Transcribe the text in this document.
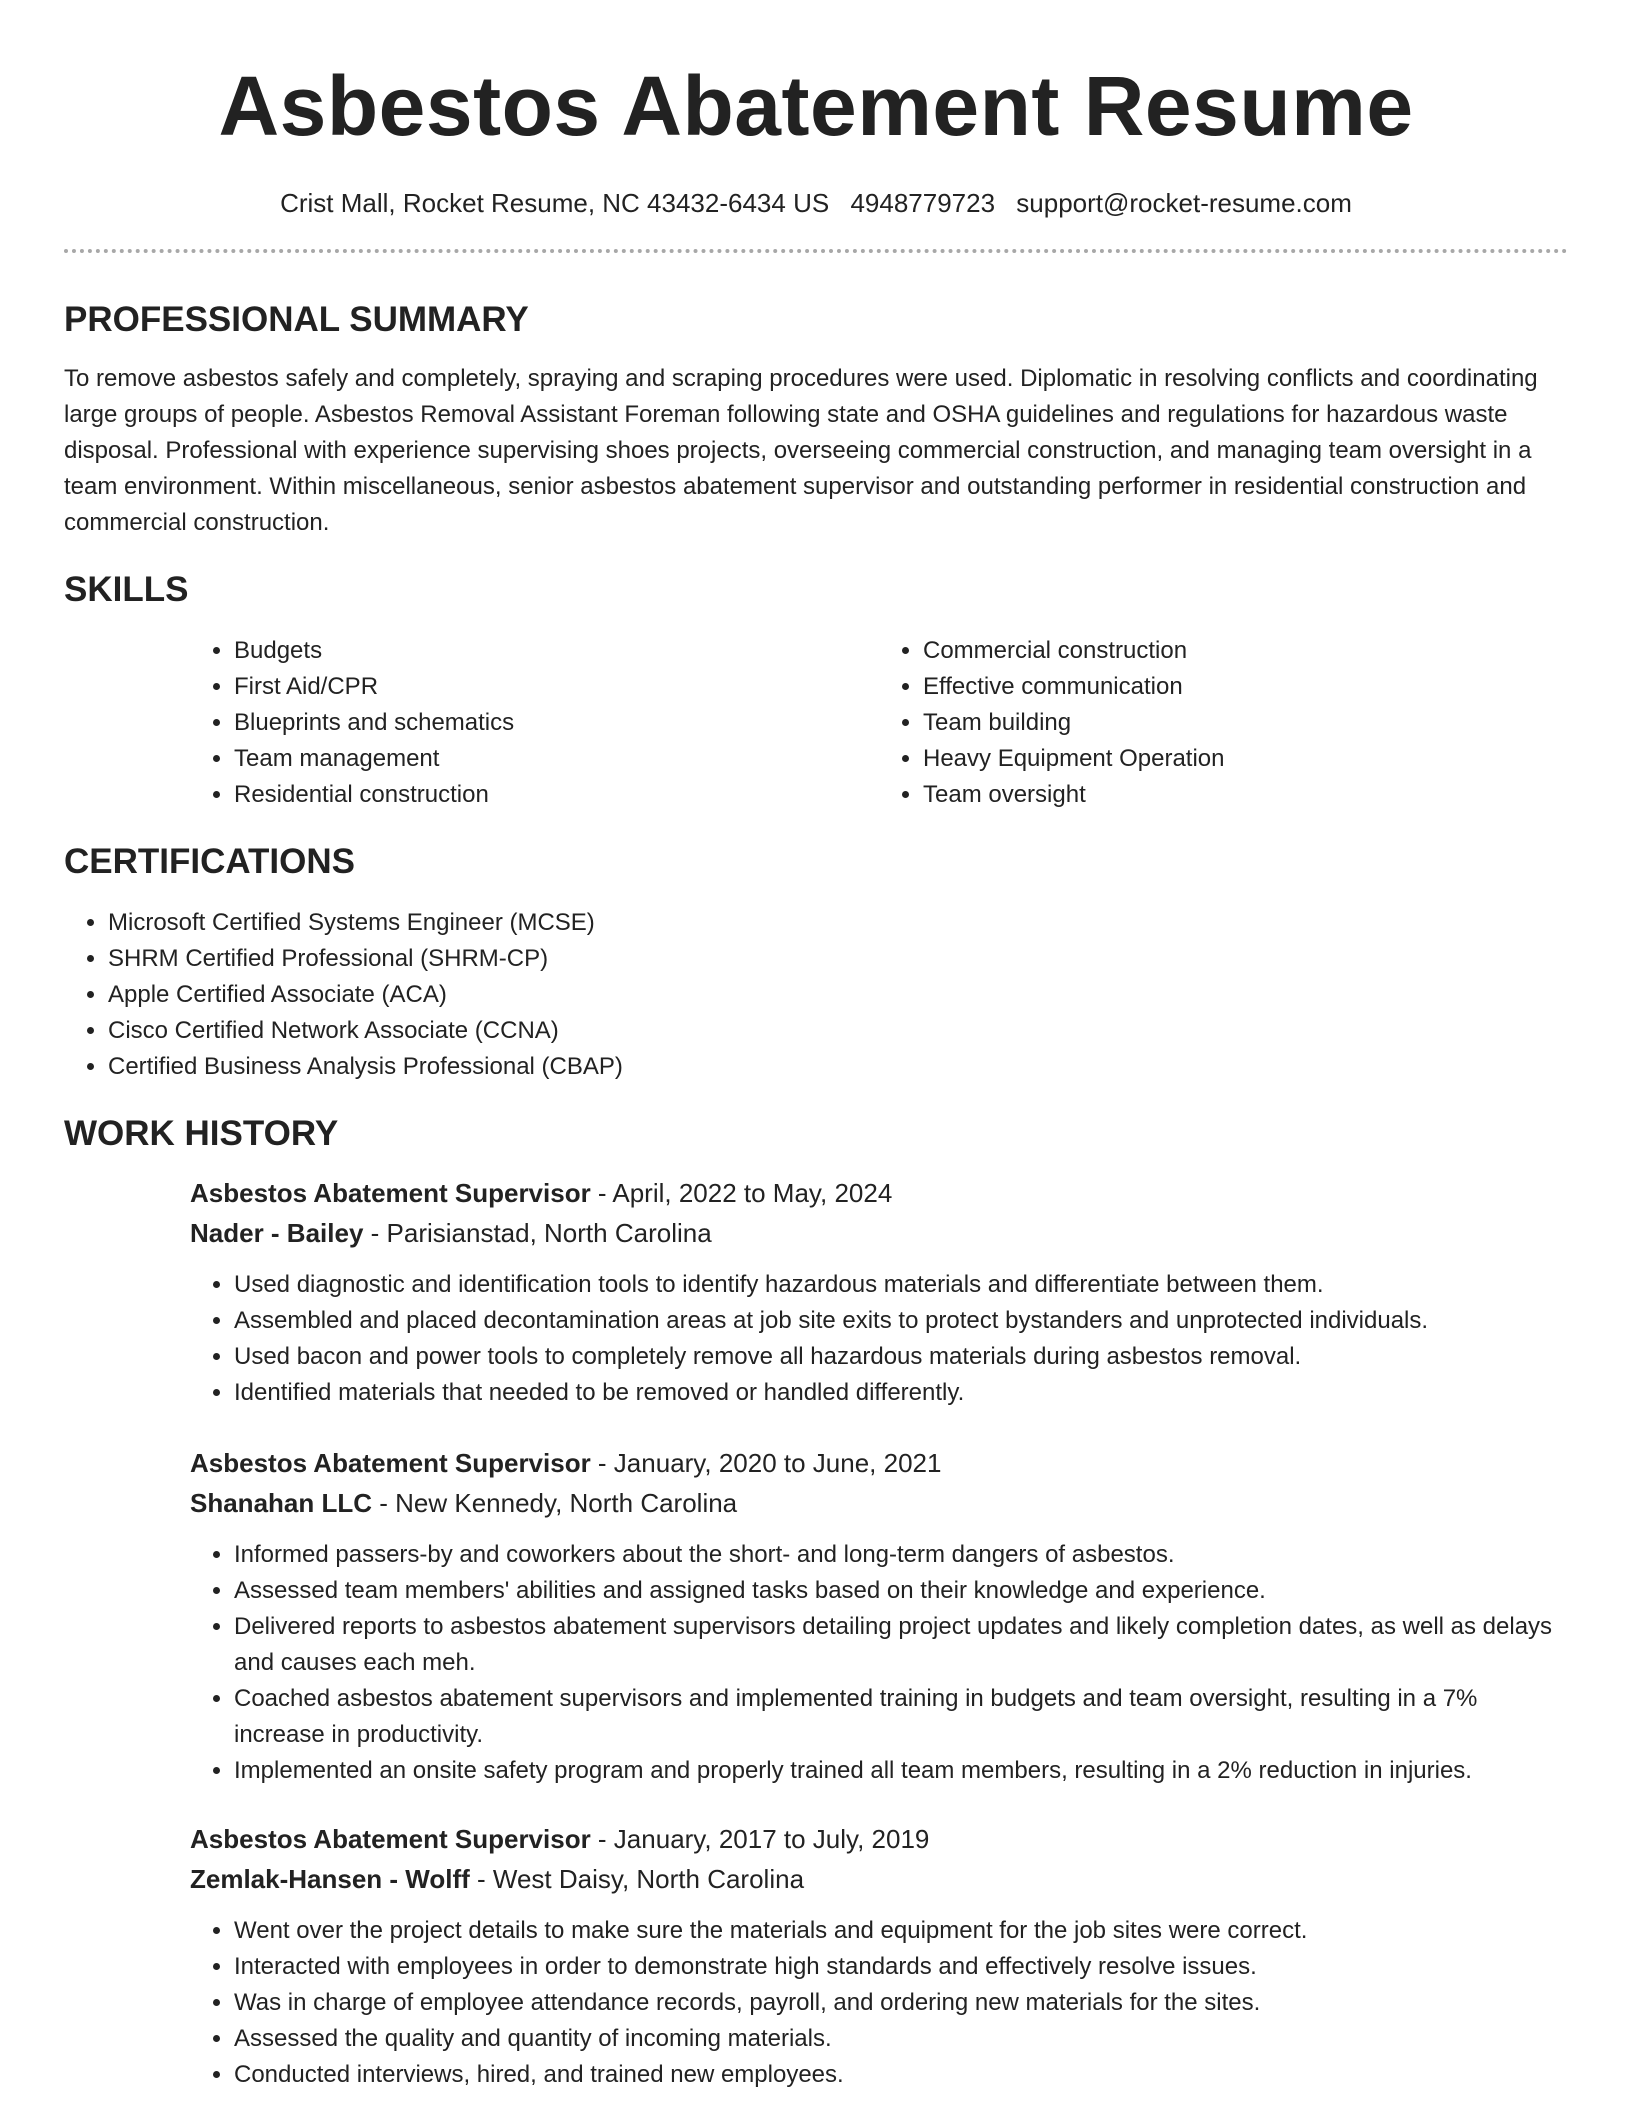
Asbestos Abatement Resume
Crist Mall, Rocket Resume, NC 43432-6434 US 4948779723 support@rocket-resume.com
PROFESSIONAL SUMMARY

To remove asbestos safely and completely, spraying and scraping procedures were used. Diplomatic in resolving conflicts and coordinating large groups of people. Asbestos Removal Assistant Foreman following state and OSHA guidelines and regulations for hazardous waste disposal. Professional with experience supervising shoes projects, overseeing commercial construction, and managing team oversight in a team environment. Within miscellaneous, senior asbestos abatement supervisor and outstanding performer in residential construction and commercial construction.

SKILLS
• Budgets
• First Aid/CPR
• Blueprints and schematics
• Team management
• Residential construction
• Commercial construction
• Effective communication
• Team building
• Heavy Equipment Operation
• Team oversight
CERTIFICATIONS
• Microsoft Certified Systems Engineer (MCSE)
• SHRM Certified Professional (SHRM-CP)
• Apple Certified Associate (ACA)
• Cisco Certified Network Associate (CCNA)
• Certified Business Analysis Professional (CBAP)
WORK HISTORY
Asbestos Abatement Supervisor - April, 2022 to May, 2024
Nader - Bailey - Parisianstad, North Carolina
• Used diagnostic and identification tools to identify hazardous materials and differentiate between them.
• Assembled and placed decontamination areas at job site exits to protect bystanders and unprotected individuals.
• Used bacon and power tools to completely remove all hazardous materials during asbestos removal.
• Identified materials that needed to be removed or handled differently.
Asbestos Abatement Supervisor - January, 2020 to June, 2021
Shanahan LLC - New Kennedy, North Carolina
• Informed passers-by and coworkers about the short- and long-term dangers of asbestos.
• Assessed team members' abilities and assigned tasks based on their knowledge and experience.
• Delivered reports to asbestos abatement supervisors detailing project updates and likely completion dates, as well as delays and causes each meh.
• Coached asbestos abatement supervisors and implemented training in budgets and team oversight, resulting in a 7% increase in productivity.
• Implemented an onsite safety program and properly trained all team members, resulting in a 2% reduction in injuries.
Asbestos Abatement Supervisor - January, 2017 to July, 2019
Zemlak-Hansen - Wolff - West Daisy, North Carolina
• Went over the project details to make sure the materials and equipment for the job sites were correct.
• Interacted with employees in order to demonstrate high standards and effectively resolve issues.
• Was in charge of employee attendance records, payroll, and ordering new materials for the sites.
• Assessed the quality and quantity of incoming materials.
• Conducted interviews, hired, and trained new employees.
